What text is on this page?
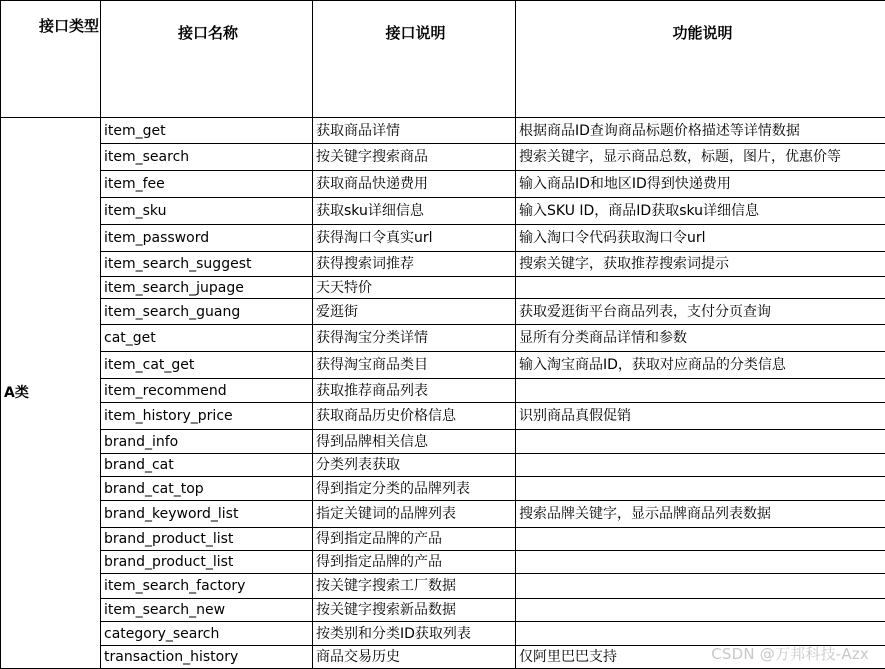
接口类型	接口名称	接口说明	功能说明
A类	item_get	获取商品详情	根据商品ID查询商品标题价格描述等详情数据
	item_search	按关键字搜索商品	搜索关键字，显示商品总数，标题，图片，优惠价等
	item_fee	获取商品快递费用	输入商品ID和地区ID得到快递费用
	item_sku	获取sku详细信息	输入SKU ID，商品ID获取sku详细信息
	item_password	获得淘口令真实url	输入淘口令代码获取淘口令url
	item_search_suggest	获得搜索词推荐	搜索关键字，获取推荐搜索词提示
	item_search_jupage	天天特价	
	item_search_guang	爱逛街	获取爱逛街平台商品列表，支付分页查询
	cat_get	获得淘宝分类详情	显所有分类商品详情和参数
	item_cat_get	获得淘宝商品类目	输入淘宝商品ID，获取对应商品的分类信息
	item_recommend	获取推荐商品列表	
	item_history_price	获取商品历史价格信息	识别商品真假促销
	brand_info	得到品牌相关信息	
	brand_cat	分类列表获取	
	brand_cat_top	得到指定分类的品牌列表	
	brand_keyword_list	指定关键词的品牌列表	搜索品牌关键字，显示品牌商品列表数据
	brand_product_list	得到指定品牌的产品	
	brand_product_list	得到指定品牌的产品	
	item_search_factory	按关键字搜索工厂数据	
	item_search_new	按关键字搜索新品数据	
	category_search	按类别和分类ID获取列表	
	transaction_history	商品交易历史	仅阿里巴巴支持	CSDN @万邦科技-Azx
